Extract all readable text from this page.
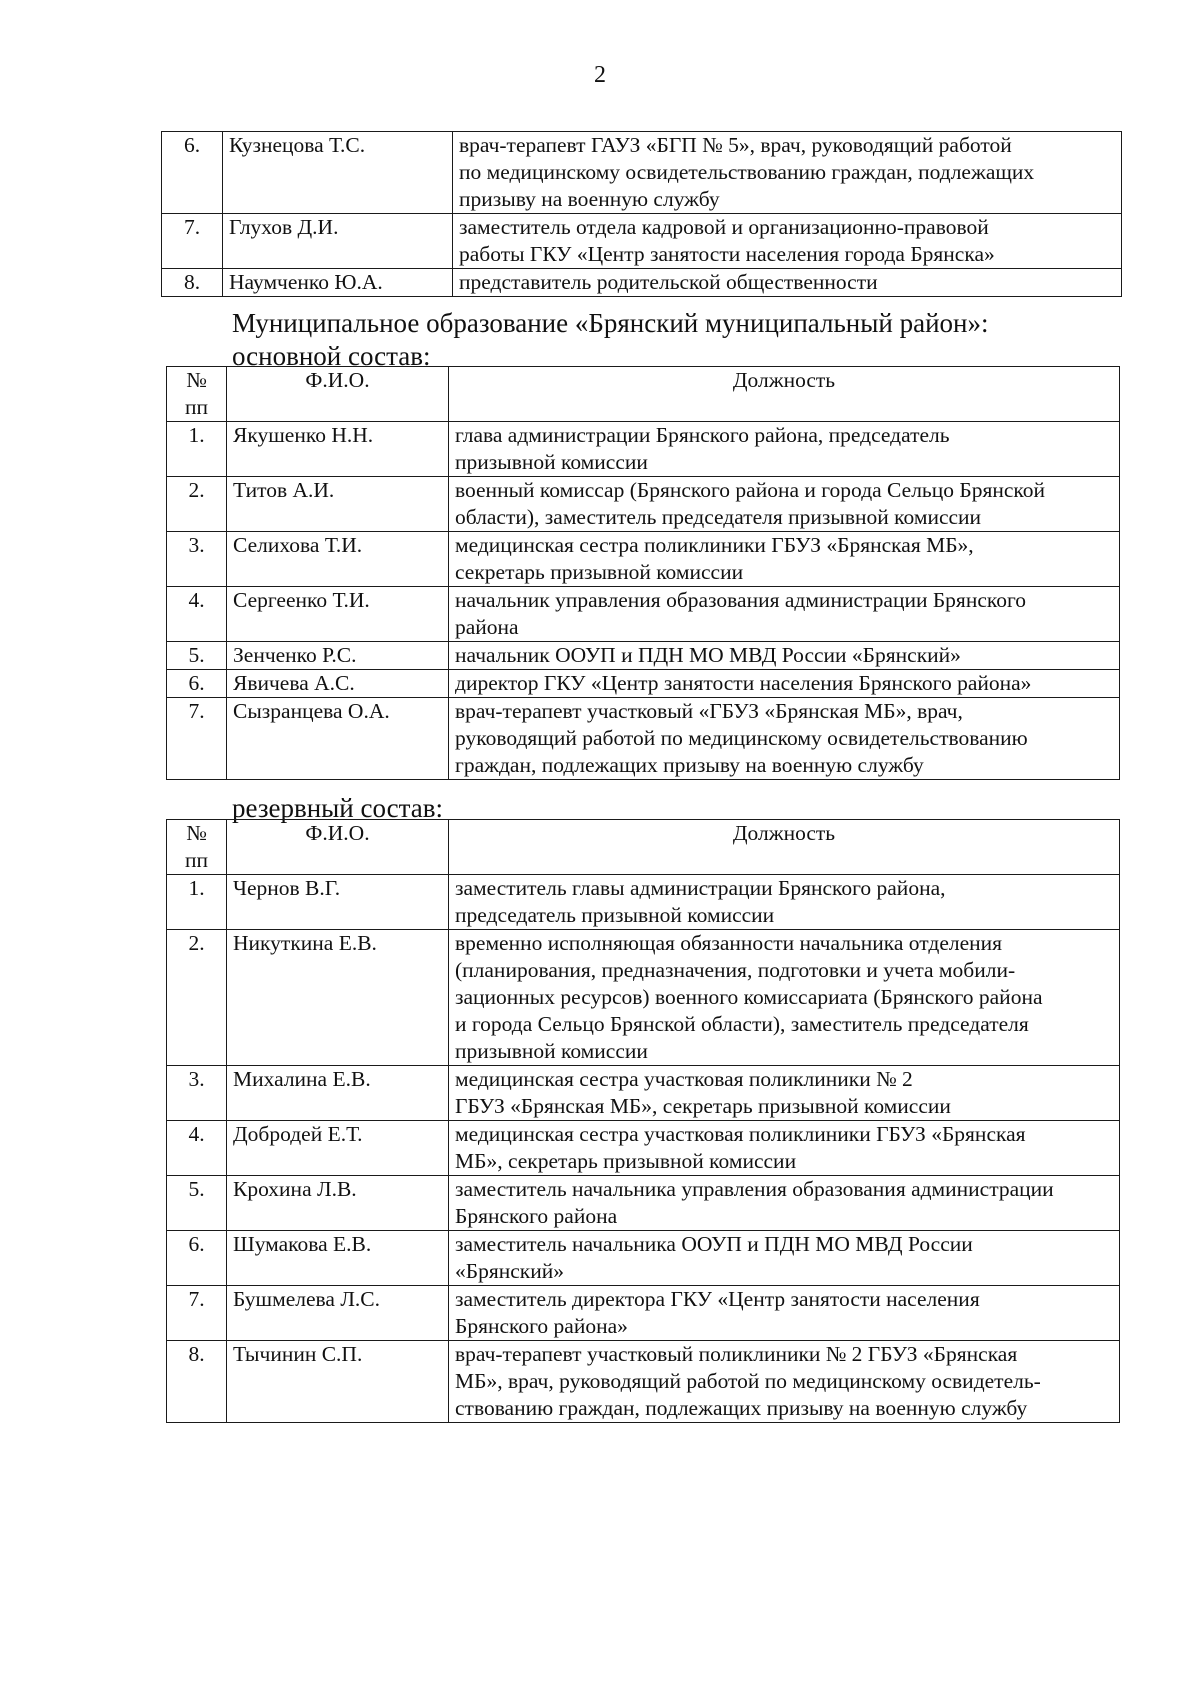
2
6.	Кузнецова Т.С.	врач-терапевт ГАУЗ «БГП № 5», врач, руководящий работой
по медицинскому освидетельствованию граждан, подлежащих
призыву на военную службу

7.	Глухов Д.И.	заместитель отдела кадровой и организационно-правовой
работы ГКУ «Центр занятости населения города Брянска»

8.	Наумченко Ю.А.	представитель родительской общественности
Муниципальное образование «Брянский муниципальный район»:
основной состав:
№
пп	Ф.И.О.	Должность
1.	Якушенко Н.Н.	глава администрации Брянского района, председатель
призывной комиссии

2.	Титов А.И.	военный комиссар (Брянского района и города Сельцо Брянской
области), заместитель председателя призывной комиссии

3.	Селихова Т.И.	медицинская сестра поликлиники ГБУЗ «Брянская МБ»,
секретарь призывной комиссии

4.	Сергеенко Т.И.	начальник управления образования администрации Брянского
района

5.	Зенченко Р.С.	начальник ООУП и ПДН МО МВД России «Брянский»

6.	Явичева А.С.	директор ГКУ «Центр занятости населения Брянского района»

7.	Сызранцева О.А.	врач-терапевт участковый «ГБУЗ «Брянская МБ», врач,
руководящий работой по медицинскому освидетельствованию
граждан, подлежащих призыву на военную службу
резервный состав:
№
пп	Ф.И.О.	Должность
1.	Чернов В.Г.	заместитель главы администрации Брянского района,
председатель призывной комиссии

2.	Никуткина Е.В.	временно исполняющая обязанности начальника отделения
(планирования, предназначения, подготовки и учета мобили-
зационных ресурсов) военного комиссариата (Брянского района
и города Сельцо Брянской области), заместитель председателя
призывной комиссии

3.	Михалина Е.В.	медицинская сестра участковая поликлиники № 2
ГБУЗ «Брянская МБ», секретарь призывной комиссии

4.	Добродей Е.Т.	медицинская сестра участковая поликлиники ГБУЗ «Брянская
МБ», секретарь призывной комиссии

5.	Крохина Л.В.	заместитель начальника управления образования администрации
Брянского района

6.	Шумакова Е.В.	заместитель начальника ООУП и ПДН МО МВД России
«Брянский»

7.	Бушмелева Л.С.	заместитель директора ГКУ «Центр занятости населения
Брянского района»

8.	Тычинин С.П.	врач-терапевт участковый поликлиники № 2 ГБУЗ «Брянская
МБ», врач, руководящий работой по медицинскому освидетель-
ствованию граждан, подлежащих призыву на военную службу
